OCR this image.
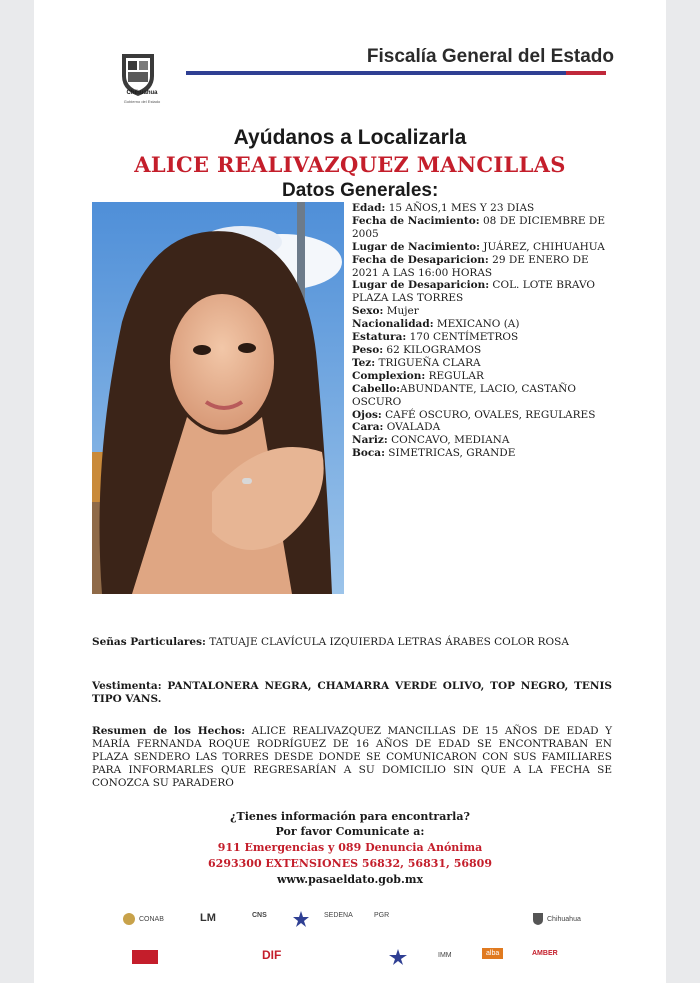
Chihuahua
Gobierno del Estado
Fiscalía General del Estado
Ayúdanos a Localizarla
ALICE REALIVAZQUEZ MANCILLAS
Datos Generales:

Edad: 15 AÑOS,1 MES Y 23 DIAS

Fecha de Nacimiento: 08 DE DICIEMBRE DE 2005

Lugar de Nacimiento: JUÁREZ, CHIHUAHUA

Fecha de Desaparicion: 29 DE ENERO DE 2021 A LAS 16:00 HORAS

Lugar de Desaparicion: COL. LOTE BRAVO PLAZA LAS TORRES

Sexo: Mujer

Nacionalidad: MEXICANO (A)

Estatura: 170 CENTÍMETROS

Peso: 62 KILOGRAMOS

Tez: TRIGUEÑA CLARA

Complexion: REGULAR

Cabello:ABUNDANTE, LACIO, CASTAÑO OSCURO

Ojos: CAFÉ OSCURO, OVALES, REGULARES

Cara: OVALADA

Nariz: CONCAVO, MEDIANA

Boca: SIMETRICAS, GRANDE

Señas Particulares: TATUAJE CLAVÍCULA IZQUIERDA LETRAS ÁRABES COLOR ROSA
Vestimenta: PANTALONERA NEGRA, CHAMARRA VERDE OLIVO, TOP NEGRO, TENIS TIPO VANS.
Resumen de los Hechos: ALICE REALIVAZQUEZ MANCILLAS DE 15 AÑOS DE EDAD Y MARÍA FERNANDA ROQUE RODRÍGUEZ DE 16 AÑOS DE EDAD SE ENCONTRABAN EN PLAZA SENDERO LAS TORRES DESDE DONDE SE COMUNICARON CON SUS FAMILIARES PARA INFORMARLES QUE REGRESARÍAN A SU DOMICILIO SIN QUE A LA FECHA SE CONOZCA SU PARADERO
¿Tienes información para encontrarla?
Por favor Comunicate a:
911 Emergencias y 089 Denuncia Anónima
6293300 EXTENSIONES 56832, 56831, 56809
www.pasaeldato.gob.mx
CONAB	LM	CNS	SEDENA	PGR	Chihuahua
DIF	IMM	alba	AMBER
